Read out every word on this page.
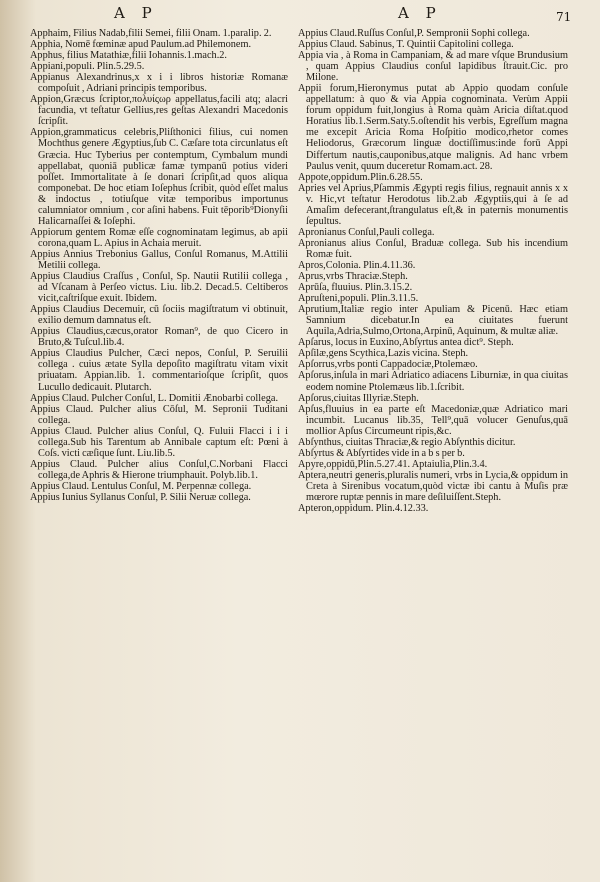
A P	A P	71

Apphaim, Filius Nadab,filii Semei, filii Onam. 1.paralip. 2.

Apphia, Nomē fœminæ apud Paulum.ad Philemonem.

Apphus, filius Matathiæ,filii Iohannis.1.mach.2.

Appiani,populi. Plin.5.29.5.

Appianus Alexandrinus,x x i i libros historiæ Romanæ compoſuit , Adriani principis temporibus.

Appion,Græcus ſcriptor,πολυίςωρ appellatus,facili atq; alacri facundia, vt teſtatur Gellius,res geſtas Alexandri Macedonis ſcripſit.

Appion,grammaticus celebris,Pliſthonici filius, cui nomen Mochthus genere Ægyptius,ſub C. Cæſare tota circunlatus eſt Græcia. Huc Tyberius per contemptum, Cymbalum mundi appellabat, quoniā publicæ famæ tympanū potius videri poſſet. Immortalitate à ſe donari ſcripſit,ad quos aliqua componebat. De hoc etiam Ioſephus ſcribit, quòd eſſet malus & indoctus , totiuſque vitæ temporibus importunus calumniator omnium , cor aſini habens. Fuit tēporib⁹Dionyſii Halicarnaſſei & Ioſephi.

Appiorum gentem Romæ eſſe cognominatam legimus, ab apii corona,quam L. Apius in Achaia meruit.

Appius Annius Trebonius Gallus, Conſul Romanus, M.Attilii Metilii collega.

Appius Claudius Craſſus , Conſul, Sp. Nautii Rutilii collega , ad Vſcanam à Perſeo victus. Liu. lib.2. Decad.5. Celtiberos vicit,caſtriſque exuit. Ibidem.

Appius Claudius Decemuir, cū ſociis magiſtratum vi obtinuit, exilio demum damnatus eſt.

Appius Claudius,cæcus,orator Roman⁹, de quo Cicero in Bruto,& Tuſcul.lib.4.

Appius Claudius Pulcher, Cæci nepos, Conſul, P. Seruilii collega . cuius ætate Sylla depoſito magiſtratu vitam vixit priuatam. Appian.lib. 1. commentarioſque ſcripſit, quos Lucullo dedicauit. Plutarch.

Appius Claud. Pulcher Conſul, L. Domitii Ænobarbi collega.

Appius Claud. Pulcher alius Cōſul, M. Sepronii Tuditani collega.

Appius Claud. Pulcher alius Conſul, Q. Fuluii Flacci i i i collega.Sub his Tarentum ab Annibale captum eſt: Pœni à Coſs. victi cæſique ſunt. Liu.lib.5.

Appius Claud. Pulcher alius Conſul,C.Norbani Flacci collega,de Aphris & Hierone triumphauit. Polyb.lib.1.

Appius Claud. Lentulus Conſul, M. Perpennæ collega.

Appius Iunius Syllanus Conſul, P. Silii Neruæ collega.

Appius Claud.Ruſſus Conſul,P. Sempronii Sophi collega.

Appius Claud. Sabinus, T. Quintii Capitolini collega.

Appia via , à Roma in Campaniam, & ad mare vſque Brundusium , quam Appius Claudius conſul lapidibus ſtrauit.Cic. pro Milone.

Appii forum,Hieronymus putat ab Appio quodam conſule appellatum: à quo & via Appia cognominata. Verùm Appii forum oppidum fuit,longius à Roma quàm Aricia diſtat.quod Horatius lib.1.Serm.Saty.5.oſtendit his verbis, Egreſſum magna me excepit Aricia Roma Hoſpitio modico,rhetor comes Heliodorus, Græcorum linguæ doctiſſimus:inde forū Appi Differtum nautis,cauponibus,atque malignis. Ad hanc vrbem Paulus venit, quum duceretur Romam.act. 28.

Appote,oppidum.Plin.6.28.55.

Apries vel Aprius,Pſammis Ægypti regis filius, regnauit annis x x v. Hic,vt teſtatur Herodotus lib.2.ab Ægyptiis,qui à ſe ad Amaſim defecerant,ſtrangulatus eſt,& in paternis monumentis ſepultus.

Apronianus Conſul,Pauli collega.

Apronianus alius Conſul, Braduæ collega. Sub his incendium Romæ fuit.

Apros,Colonia. Plin.4.11.36.

Aprus,vrbs Thraciæ.Steph.

Aprūſa, fluuius. Plin.3.15.2.

Apruſteni,populi. Plin.3.11.5.

Aprutium,Italiæ regio inter Apuliam & Picenū. Hæc etiam Samnium dicebatur.In ea ciuitates fuerunt Aquila,Adria,Sulmo,Ortona,Arpinū, Aquinum, & multæ aliæ.

Apſarus, locus in Euxino,Abſyrtus antea dict⁹. Steph.

Apſilæ,gens Scythica,Lazis vicina. Steph.

Apſorrus,vrbs ponti Cappadociæ,Ptolemæo.

Apſorus,inſula in mari Adriatico adiacens Liburniæ, in qua ciuitas eodem nomine Ptolemæus lib.1.ſcribit.

Apſorus,ciuitas Illyriæ.Steph.

Apſus,fluuius in ea parte eſt Macedoniæ,quæ Adriatico mari incumbit. Lucanus lib.35, Tell⁹,quā volucer Genuſus,quā mollior Apſus Circumeunt ripis,&c.

Abſynthus, ciuitas Thraciæ,& regio Abſynthis dicitur.

Abſyrtus & Abſyrtides vide in a b s per b.

Apyre,oppidū,Plin.5.27.41. Aptaiulia,Plin.3.4.

Aptera,neutri generis,pluralis numeri, vrbs in Lycia,& oppidum in Creta à Sirenibus vocatum,quòd victæ ibi cantu à Muſis præ mœrore ruptæ pennis in mare deſiluiſſent.Steph.

Apteron,oppidum. Plin.4.12.33.
